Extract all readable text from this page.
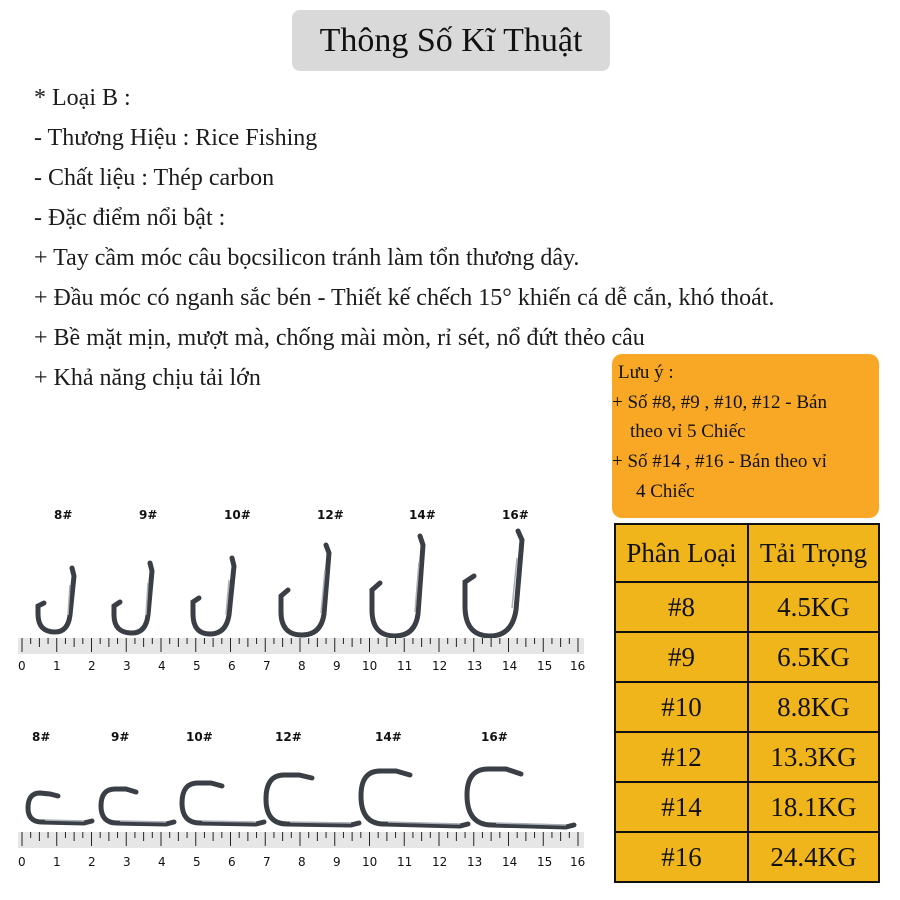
Thông Số Kĩ Thuật
* Loại B :
- Thương Hiệu : Rice Fishing
- Chất liệu : Thép carbon
- Đặc điểm nổi bật :
+ Tay cầm móc câu bọcsilicon tránh làm tổn thương dây.
+ Đầu móc có nganh sắc bén - Thiết kế chếch 15° khiến cá dễ cắn, khó thoát.
+ Bề mặt mịn, mượt mà, chống mài mòn, rỉ sét, nổ đứt thẻo câu
+ Khả năng chịu tải lớn	Lưu ý :
+ Số #8, #9 , #10, #12 - Bán
theo vỉ 5 Chiếc
+ Số #14 , #16 - Bán theo vỉ
4 Chiếc
Phân Loại	Tải Trọng
#8	4.5KG
#9	6.5KG
#10	8.8KG
#12	13.3KG
#14	18.1KG
#16	24.4KG
8#	9#	10#	12#	14#	16#
0 1 2 3 4 5 6 7 8 9 10 11 12 13 14 15 16
8#	9#	10#	12#	14#	16#
0 1 2 3 4 5 6 7 8 9 10 11 12 13 14 15 16
